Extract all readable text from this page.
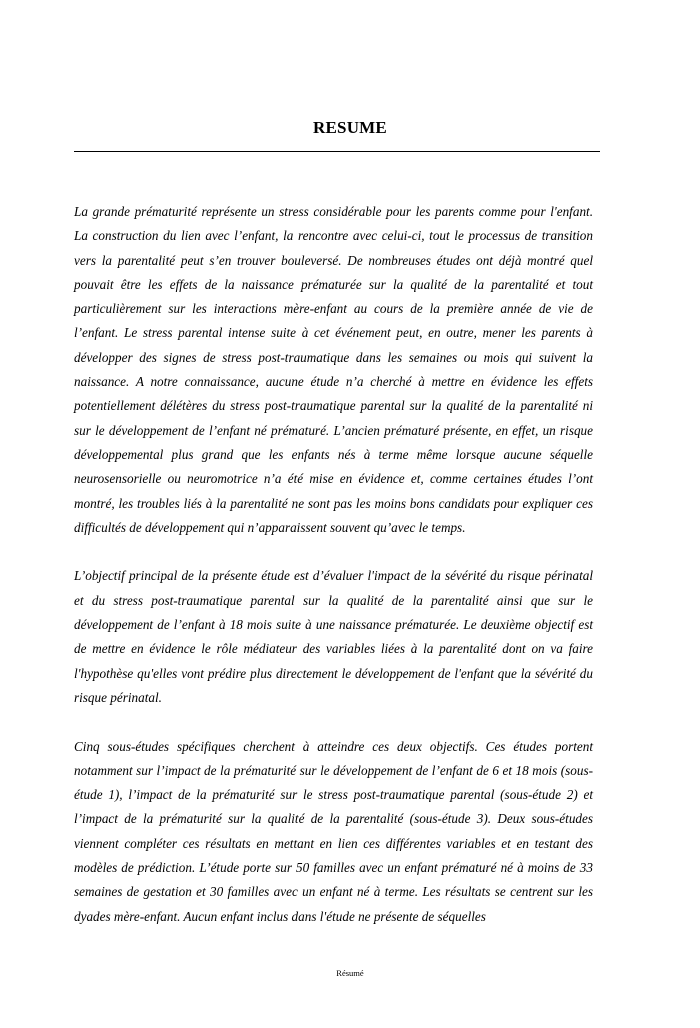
RESUME

La grande prématurité représente un stress considérable pour les parents comme pour l'enfant. La construction du lien avec l’enfant, la rencontre avec celui-ci, tout le processus de transition vers la parentalité peut s’en trouver bouleversé. De nombreuses études ont déjà montré quel pouvait être les effets de la naissance prématurée sur la qualité de la parentalité et tout particulièrement sur les interactions mère-enfant au cours de la première année de vie de l’enfant. Le stress parental intense suite à cet événement peut, en outre, mener les parents à développer des signes de stress post-traumatique dans les semaines ou mois qui suivent la naissance. A notre connaissance, aucune étude n’a cherché à mettre en évidence les effets potentiellement délétères du stress post-traumatique parental sur la qualité de la parentalité ni sur le développement de l’enfant né prématuré. L’ancien prématuré présente, en effet, un risque développemental plus grand que les enfants nés à terme même lorsque aucune séquelle neurosensorielle ou neuromotrice n’a été mise en évidence et, comme certaines études l’ont montré, les troubles liés à la parentalité ne sont pas les moins bons candidats pour expliquer ces difficultés de développement qui n’apparaissent souvent qu’avec le temps.

L’objectif principal de la présente étude est d’évaluer l'impact de la sévérité du risque périnatal et du stress post-traumatique parental sur la qualité de la parentalité ainsi que sur le développement de l’enfant à 18 mois suite à une naissance prématurée. Le deuxième objectif est de mettre en évidence le rôle médiateur des variables liées à la parentalité dont on va faire l'hypothèse qu'elles vont prédire plus directement le développement de l'enfant que la sévérité du risque périnatal.

Cinq sous-études spécifiques cherchent à atteindre ces deux objectifs. Ces études portent notamment sur l’impact de la prématurité sur le développement de l’enfant de 6 et 18 mois (sous-étude 1), l’impact de la prématurité sur le stress post-traumatique parental (sous-étude 2) et l’impact de la prématurité sur la qualité de la parentalité (sous-étude 3). Deux sous-études viennent compléter ces résultats en mettant en lien ces différentes variables et en testant des modèles de prédiction. L’étude porte sur 50 familles avec un enfant prématuré né à moins de 33 semaines de gestation et 30 familles avec un enfant né à terme. Les résultats se centrent sur les dyades mère-enfant. Aucun enfant inclus dans l'étude ne présente de séquelles

Résumé
